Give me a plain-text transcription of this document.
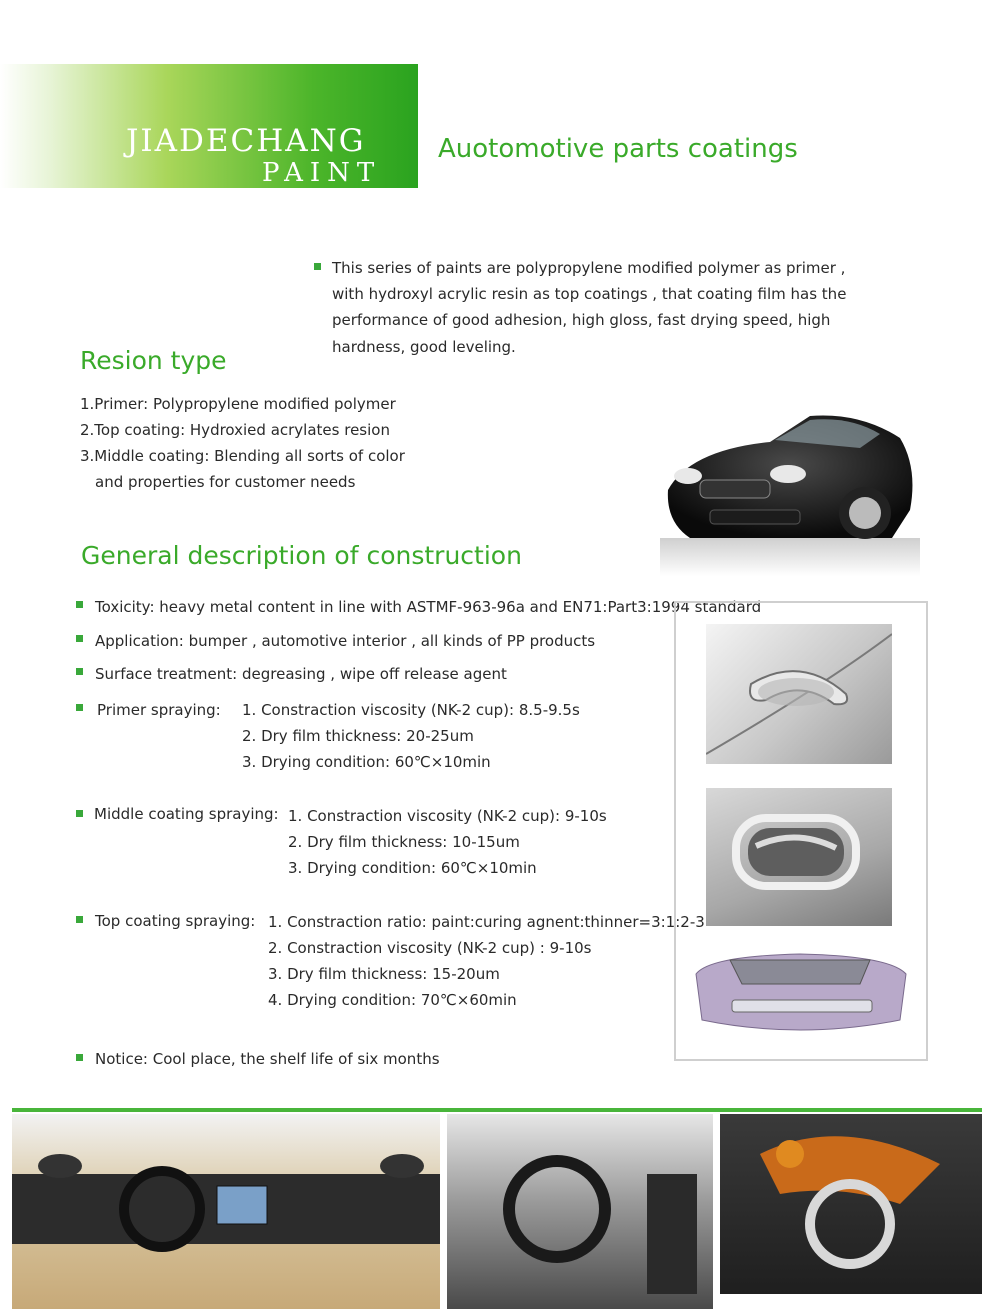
JIADECHANG
PAINT
Auotomotive parts coatings
This series of paints are polypropylene modified polymer as primer ,
with hydroxyl acrylic resin as top coatings , that coating film has the
performance of good adhesion, high gloss, fast drying speed, high
hardness, good leveling.
Resion type
1.Primer: Polypropylene modified polymer
2.Top coating: Hydroxied acrylates resion
3.Middle coating: Blending all sorts of color
and properties for customer needs
General description of construction
Toxicity: heavy metal content in line with ASTMF-963-96a and EN71:Part3:1994 standard
Application: bumper , automotive interior , all kinds of PP products
Surface treatment: degreasing , wipe off release agent
Primer spraying: 1. Constraction viscosity (NK-2 cup): 8.5-9.5s
2. Dry film thickness: 20-25um
3. Drying condition: 60℃×10min
Middle coating spraying: 1. Constraction viscosity (NK-2 cup): 9-10s
2. Dry film thickness: 10-15um
3. Drying condition: 60℃×10min
Top coating spraying: 1. Constraction ratio: paint:curing agnent:thinner=3:1:2-3
2. Constraction viscosity (NK-2 cup) : 9-10s
3. Dry film thickness: 15-20um
4. Drying condition: 70℃×60min
Notice: Cool place, the shelf life of six months
